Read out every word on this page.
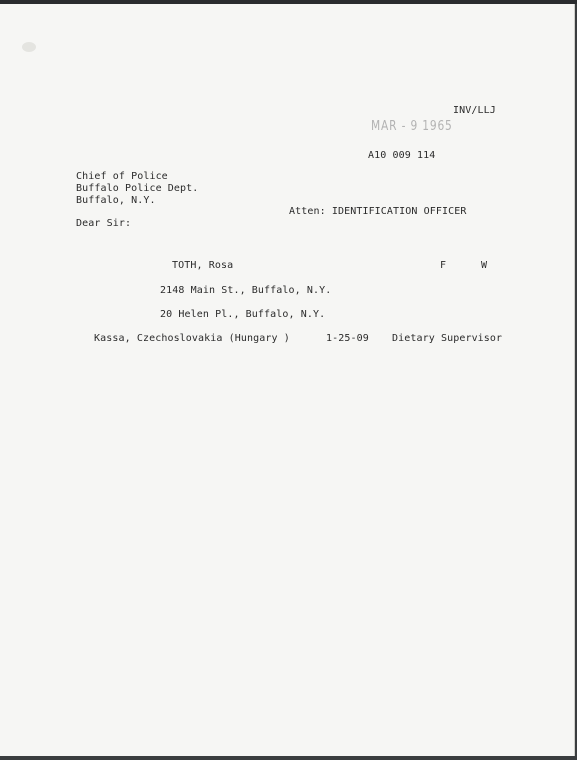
INV/LLJ
MAR - 9 1965
A10 009 114
Chief of Police
Buffalo Police Dept.
Buffalo, N.Y.
Atten: IDENTIFICATION OFFICER
Dear Sir:
TOTH, Rosa	F	W
2148 Main St., Buffalo, N.Y.
20 Helen Pl., Buffalo, N.Y.
Kassa, Czechoslovakia (Hungary )	1-25-09 Dietary Supervisor
